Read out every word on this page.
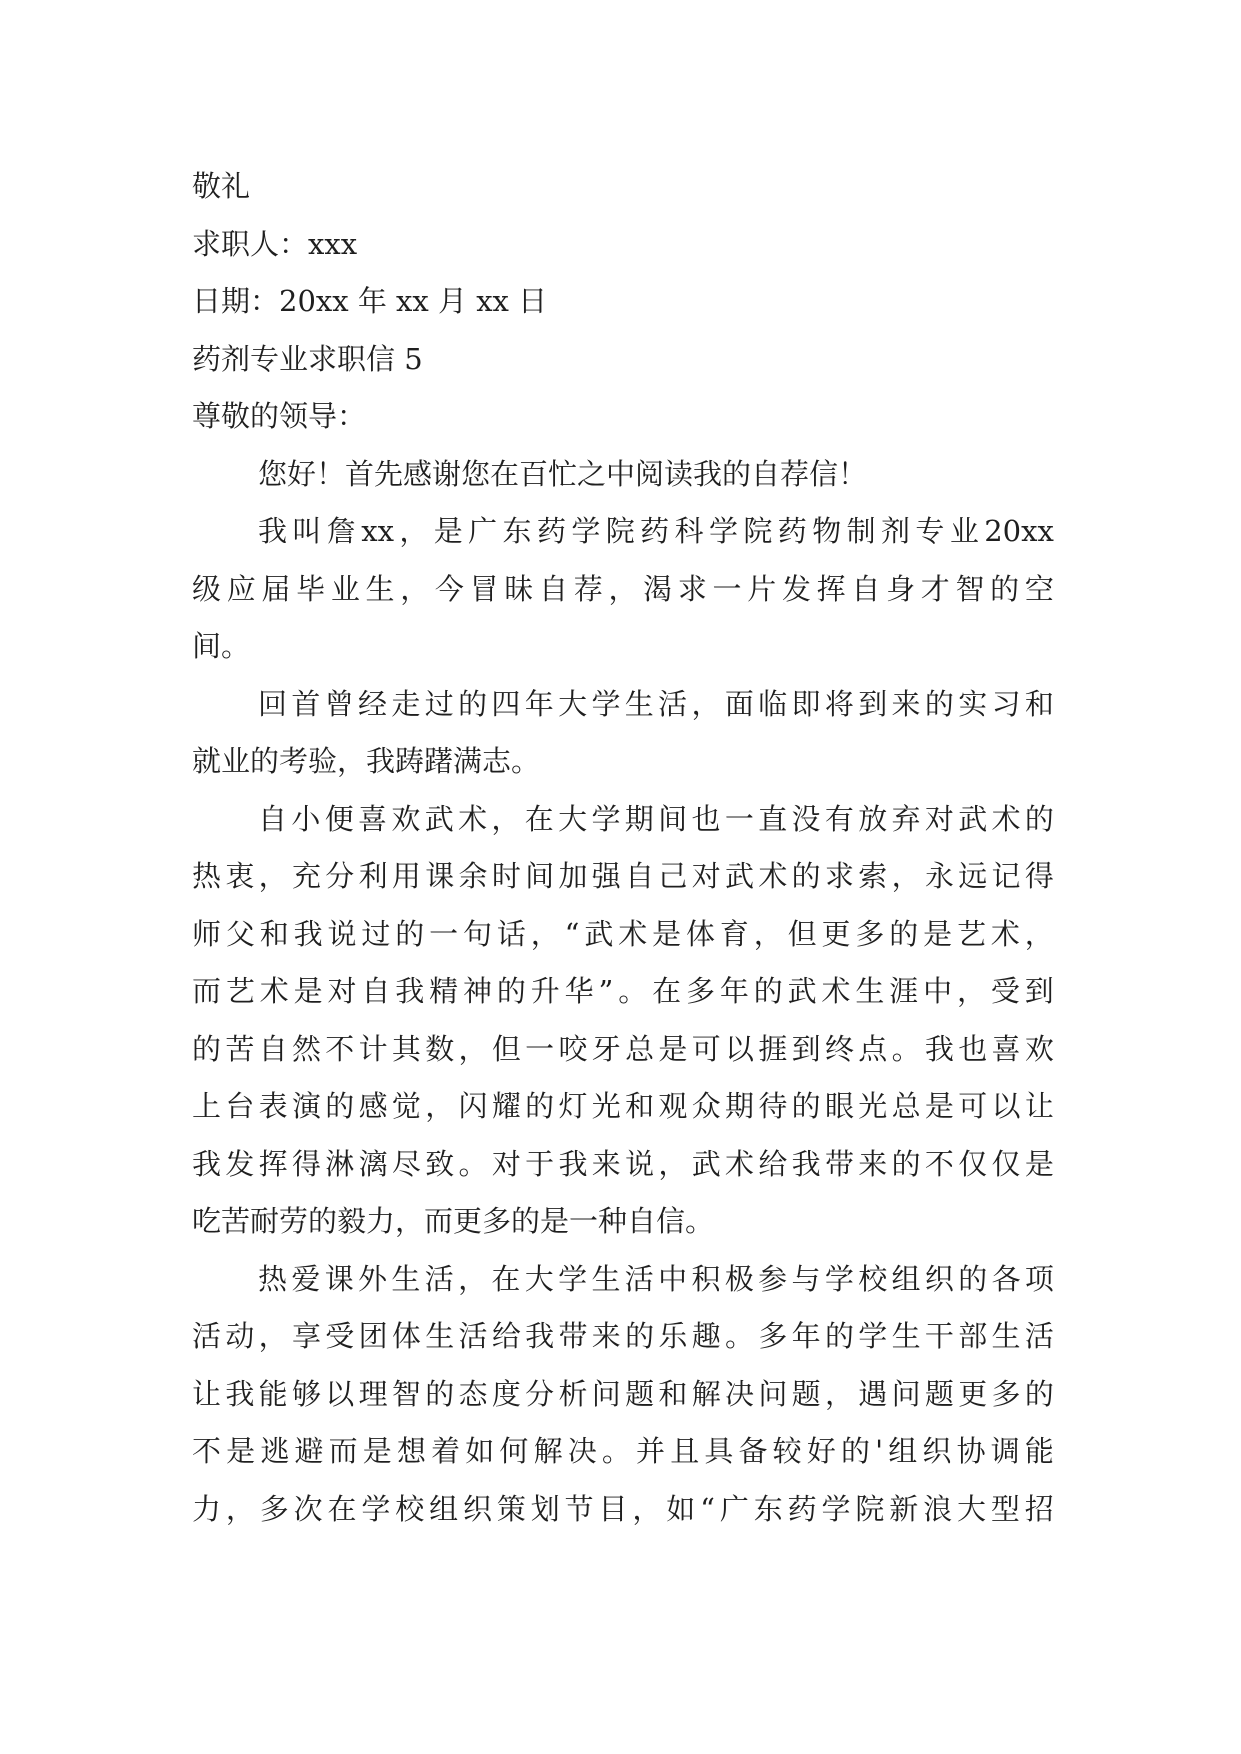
敬礼
求职人：xxx
日期：20xx 年 xx 月 xx 日
药剂专业求职信 5
尊敬的领导：
您好！首先感谢您在百忙之中阅读我的自荐信！
我 叫 詹 xx ， 是 广 东 药 学 院 药 科 学 院 药 物 制 剂 专 业 20xx
级 应 届 毕 业 生 ， 今 冒 昧 自 荐 ， 渴 求 一 片 发 挥 自 身 才 智 的 空
间。
回 首 曾 经 走 过 的 四 年 大 学 生 活 ， 面 临 即 将 到 来 的 实 习 和
就业的考验，我踌躇满志。
自 小 便 喜 欢 武 术 ， 在 大 学 期 间 也 一 直 没 有 放 弃 对 武 术 的
热 衷 ， 充 分 利 用 课 余 时 间 加 强 自 己 对 武 术 的 求 索 ， 永 远 记 得
师 父 和 我 说 过 的 一 句 话 ， “ 武 术 是 体 育 ， 但 更 多 的 是 艺 术 ，
而 艺 术 是 对 自 我 精 神 的 升 华 ” 。 在 多 年 的 武 术 生 涯 中 ， 受 到
的 苦 自 然 不 计 其 数 ， 但 一 咬 牙 总 是 可 以 捱 到 终 点 。 我 也 喜 欢
上 台 表 演 的 感 觉 ， 闪 耀 的 灯 光 和 观 众 期 待 的 眼 光 总 是 可 以 让
我 发 挥 得 淋 漓 尽 致 。 对 于 我 来 说 ， 武 术 给 我 带 来 的 不 仅 仅 是
吃苦耐劳的毅力，而更多的是一种自信。
热 爱 课 外 生 活 ， 在 大 学 生 活 中 积 极 参 与 学 校 组 织 的 各 项
活 动 ， 享 受 团 体 生 活 给 我 带 来 的 乐 趣 。 多 年 的 学 生 干 部 生 活
让 我 能 够 以 理 智 的 态 度 分 析 问 题 和 解 决 问 题 ， 遇 问 题 更 多 的
不 是 逃 避 而 是 想 着 如 何 解 决 。 并 且 具 备 较 好 的 ' 组 织 协 调 能
力 ， 多 次 在 学 校 组 织 策 划 节 目 ， 如 “ 广 东 药 学 院 新 浪 大 型 招
